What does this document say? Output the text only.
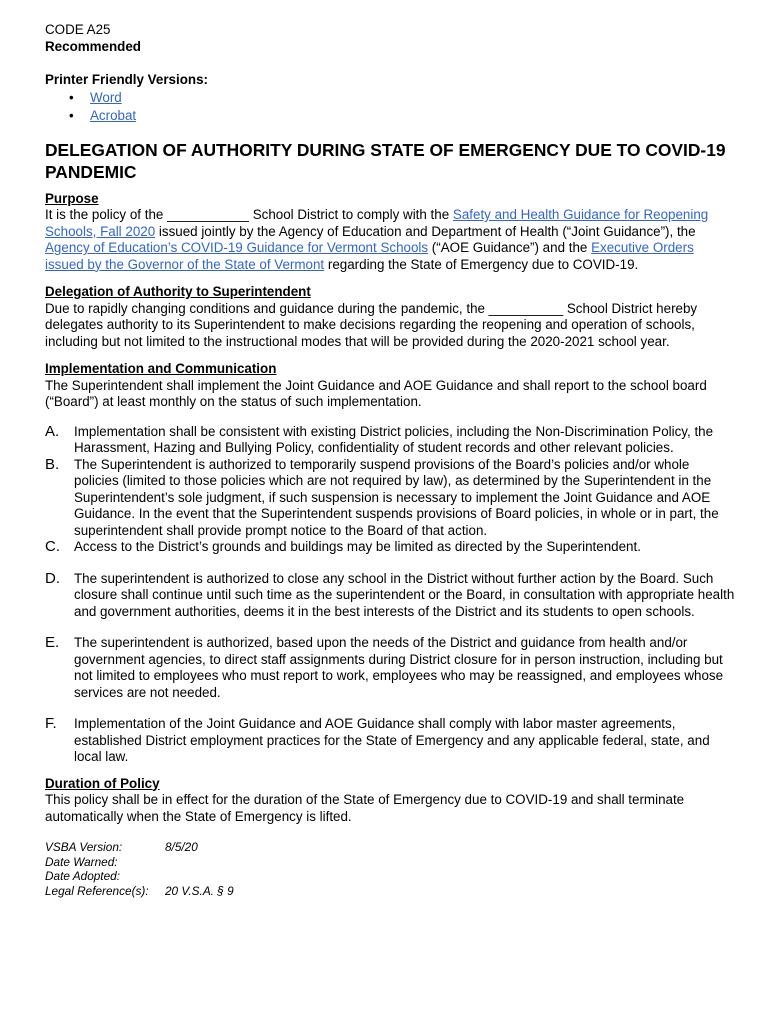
CODE A25
Recommended
Printer Friendly Versions:
• Word
• Acrobat
DELEGATION OF AUTHORITY DURING STATE OF EMERGENCY DUE TO COVID-19 PANDEMIC
Purpose
It is the policy of the ___________ School District to comply with the Safety and Health Guidance for Reopening Schools, Fall 2020 issued jointly by the Agency of Education and Department of Health (“Joint Guidance”), the Agency of Education’s COVID-19 Guidance for Vermont Schools (“AOE Guidance”) and the Executive Orders issued by the Governor of the State of Vermont regarding the State of Emergency due to COVID-19.
Delegation of Authority to Superintendent
Due to rapidly changing conditions and guidance during the pandemic, the __________ School District hereby delegates authority to its Superintendent to make decisions regarding the reopening and operation of schools, including but not limited to the instructional modes that will be provided during the 2020-2021 school year.
Implementation and Communication
The Superintendent shall implement the Joint Guidance and AOE Guidance and shall report to the school board (“Board”) at least monthly on the status of such implementation.
A. Implementation shall be consistent with existing District policies, including the Non-Discrimination Policy, the Harassment, Hazing and Bullying Policy, confidentiality of student records and other relevant policies.
B. The Superintendent is authorized to temporarily suspend provisions of the Board’s policies and/or whole policies (limited to those policies which are not required by law), as determined by the Superintendent in the Superintendent’s sole judgment, if such suspension is necessary to implement the Joint Guidance and AOE Guidance. In the event that the Superintendent suspends provisions of Board policies, in whole or in part, the superintendent shall provide prompt notice to the Board of that action.
C. Access to the District’s grounds and buildings may be limited as directed by the Superintendent.
D. The superintendent is authorized to close any school in the District without further action by the Board. Such closure shall continue until such time as the superintendent or the Board, in consultation with appropriate health and government authorities, deems it in the best interests of the District and its students to open schools.
E. The superintendent is authorized, based upon the needs of the District and guidance from health and/or government agencies, to direct staff assignments during District closure for in person instruction, including but not limited to employees who must report to work, employees who may be reassigned, and employees whose services are not needed.
F. Implementation of the Joint Guidance and AOE Guidance shall comply with labor master agreements, established District employment practices for the State of Emergency and any applicable federal, state, and local law.
Duration of Policy
This policy shall be in effect for the duration of the State of Emergency due to COVID-19 and shall terminate automatically when the State of Emergency is lifted.
VSBA Version:	8/5/20
Date Warned:
Date Adopted:
Legal Reference(s):	20 V.S.A. § 9
